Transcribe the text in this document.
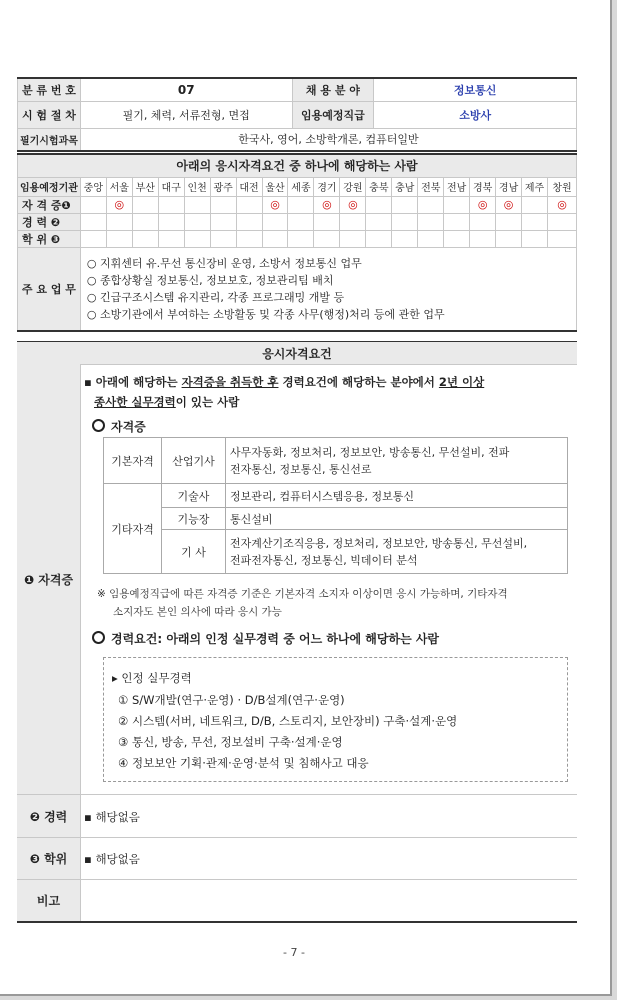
분 류 번 호	07	채 용 분 야	정보통신
시 험 절 차	필기, 체력, 서류전형, 면접	임용예정직급	소방사
필기시험과목	한국사, 영어, 소방학개론, 컴퓨터일반		
아래의 응시자격요건 중 하나에 해당하는 사람																			
임용예정기관	중앙	서울	부산	대구	인천	광주	대전	울산	세종	경기	강원	충북	충남	전북	전남	경북	경남	제주	창원

자 격 증❶		◎						◎		◎	◎					◎	◎		◎

경 력 ❷																			

학 위 ❸																			

주 요 업 무	○ 지휘센터 유.무선 통신장비 운영, 소방서 정보통신 업무
○ 종합상황실 정보통신, 정보보호, 정보관리팀 배치
○ 긴급구조시스템 유지관리, 각종 프로그래밍 개발 등
○ 소방기관에서 부여하는 소방활동 및 각종 사무(행정)처리 등에 관한 업무																		
응시자격요건
❶ 자격증
▪ 아래에 해당하는 자격증을 취득한 후 경력요건에 해당하는 분야에서 2년 이상
종사한 실무경력이 있는 사람
자격증
기본자격	산업기사	사무자동화, 정보처리, 정보보안, 방송통신, 무선설비, 전파
전자통신, 정보통신, 통신선로

기타자격	기술사	정보관리, 컴퓨터시스템응용, 정보통신
	기능장	통신설비
	기 사	전자계산기조직응용, 정보처리, 정보보안, 방송통신, 무선설비,
전파전자통신, 정보통신, 빅데이터 분석
※ 임용예정직급에 따른 자격증 기준은 기본자격 소지자 이상이면 응시 가능하며, 기타자격
소지자도 본인 의사에 따라 응시 가능
경력요건: 아래의 인정 실무경력 중 어느 하나에 해당하는 사람
▸ 인정 실무경력
① S/W개발(연구·운영) · D/B설계(연구·운영)
② 시스템(서버, 네트워크, D/B, 스토리지, 보안장비) 구축·설계·운영
③ 통신, 방송, 무선, 정보설비 구축·설계·운영
④ 정보보안 기획·관제·운영·분석 및 침해사고 대응
❷ 경력	▪ 해당없음
❸ 학위	▪ 해당없음
비고
- 7 -
